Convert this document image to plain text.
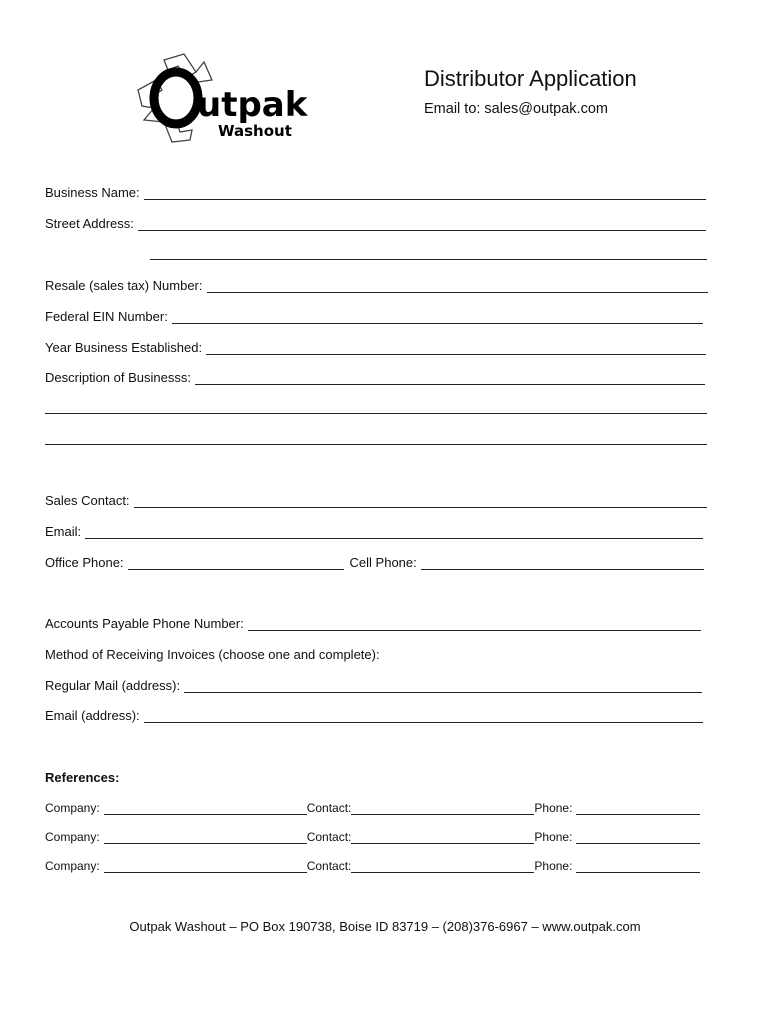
utpak
Washout
Distributor Application
Email to: sales@outpak.com
Business Name:
Street Address:
Resale (sales tax) Number:
Federal EIN Number:
Year Business Established:
Description of Businesss:
Sales Contact:
Email:
Office Phone:	Cell Phone:
Accounts Payable Phone Number:
Method of Receiving Invoices (choose one and complete):
Regular Mail (address):
Email (address):
References:
Company:	Contact:	Phone:
Company:	Contact:	Phone:
Company:	Contact:	Phone:
Outpak Washout – PO Box 190738, Boise ID 83719 – (208)376-6967 – www.outpak.com
